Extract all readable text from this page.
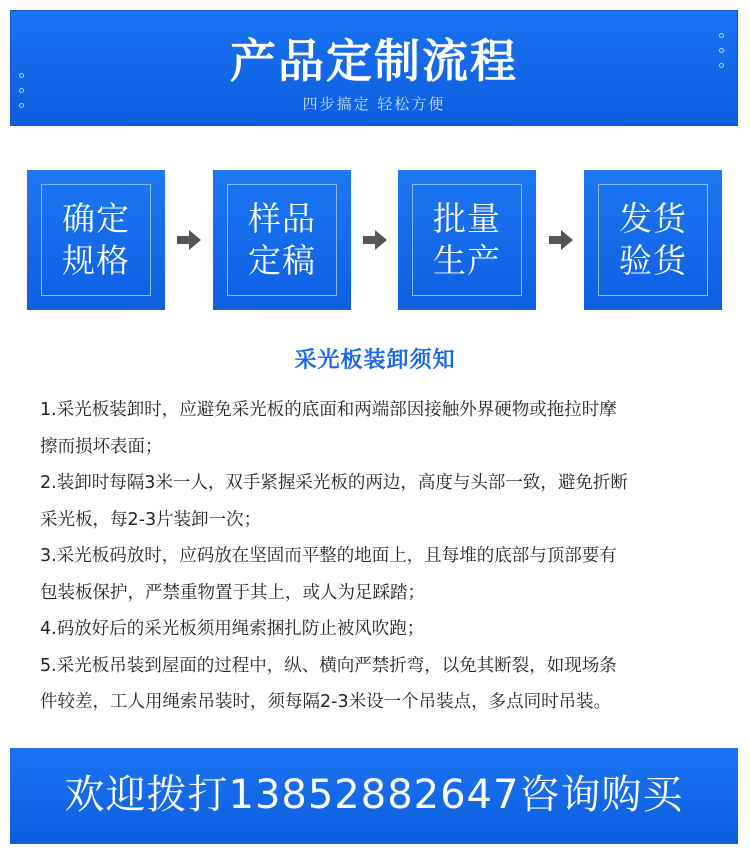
产品定制流程
四步搞定 轻松方便
确定
规格
样品
定稿
批量
生产
发货
验货
采光板装卸须知
1.采光板装卸时，应避免采光板的底面和两端部因接触外界硬物或拖拉时摩
擦而损坏表面；
2.装卸时每隔3米一人，双手紧握采光板的两边，高度与头部一致，避免折断
采光板，每2-3片装卸一次；
3.采光板码放时，应码放在坚固而平整的地面上，且每堆的底部与顶部要有
包装板保护，严禁重物置于其上，或人为足踩踏；
4.码放好后的采光板须用绳索捆扎防止被风吹跑；
5.采光板吊装到屋面的过程中，纵、横向严禁折弯，以免其断裂，如现场条
件较差，工人用绳索吊装时，须每隔2-3米设一个吊装点，多点同时吊装。
欢迎拨打13852882647咨询购买
